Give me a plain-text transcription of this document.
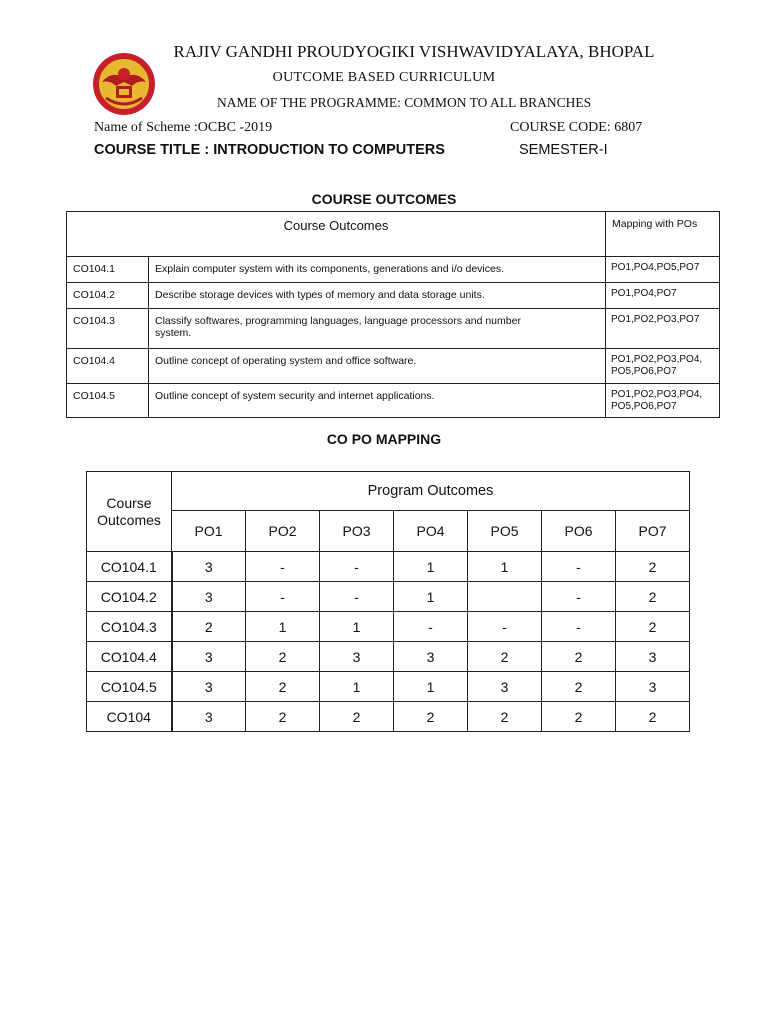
RAJIV GANDHI PROUDYOGIKI VISHWAVIDYALAYA, BHOPAL
OUTCOME BASED CURRICULUM
NAME OF THE PROGRAMME: COMMON TO ALL BRANCHES
Name of Scheme :OCBC -2019	COURSE CODE: 6807
COURSE TITLE : INTRODUCTION TO COMPUTERS	SEMESTER-I
COURSE OUTCOMES
Course Outcomes		Mapping with POs
CO104.1	Explain computer system with its components, generations and i/o devices.	PO1,PO4,PO5,PO7
CO104.2	Describe storage devices with types of memory and data storage units.	PO1,PO4,PO7
CO104.3	Classify softwares, programming languages, language processors and number
system.	PO1,PO2,PO3,PO7
CO104.4	Outline concept of operating system and office software.	PO1,PO2,PO3,PO4,
PO5,PO6,PO7

CO104.5	Outline concept of system security and internet applications.	PO1,PO2,PO3,PO4,
PO5,PO6,PO7
CO PO MAPPING
Course
Outcomes	Program Outcomes						
	PO1	PO2	PO3	PO4	PO5	PO6	PO7
CO104.1	3	-	-	1	1	-	2
CO104.2	3	-	-	1		-	2
CO104.3	2	1	1	-	-	-	2
CO104.4	3	2	3	3	2	2	3
CO104.5	3	2	1	1	3	2	3
CO104	3	2	2	2	2	2	2
